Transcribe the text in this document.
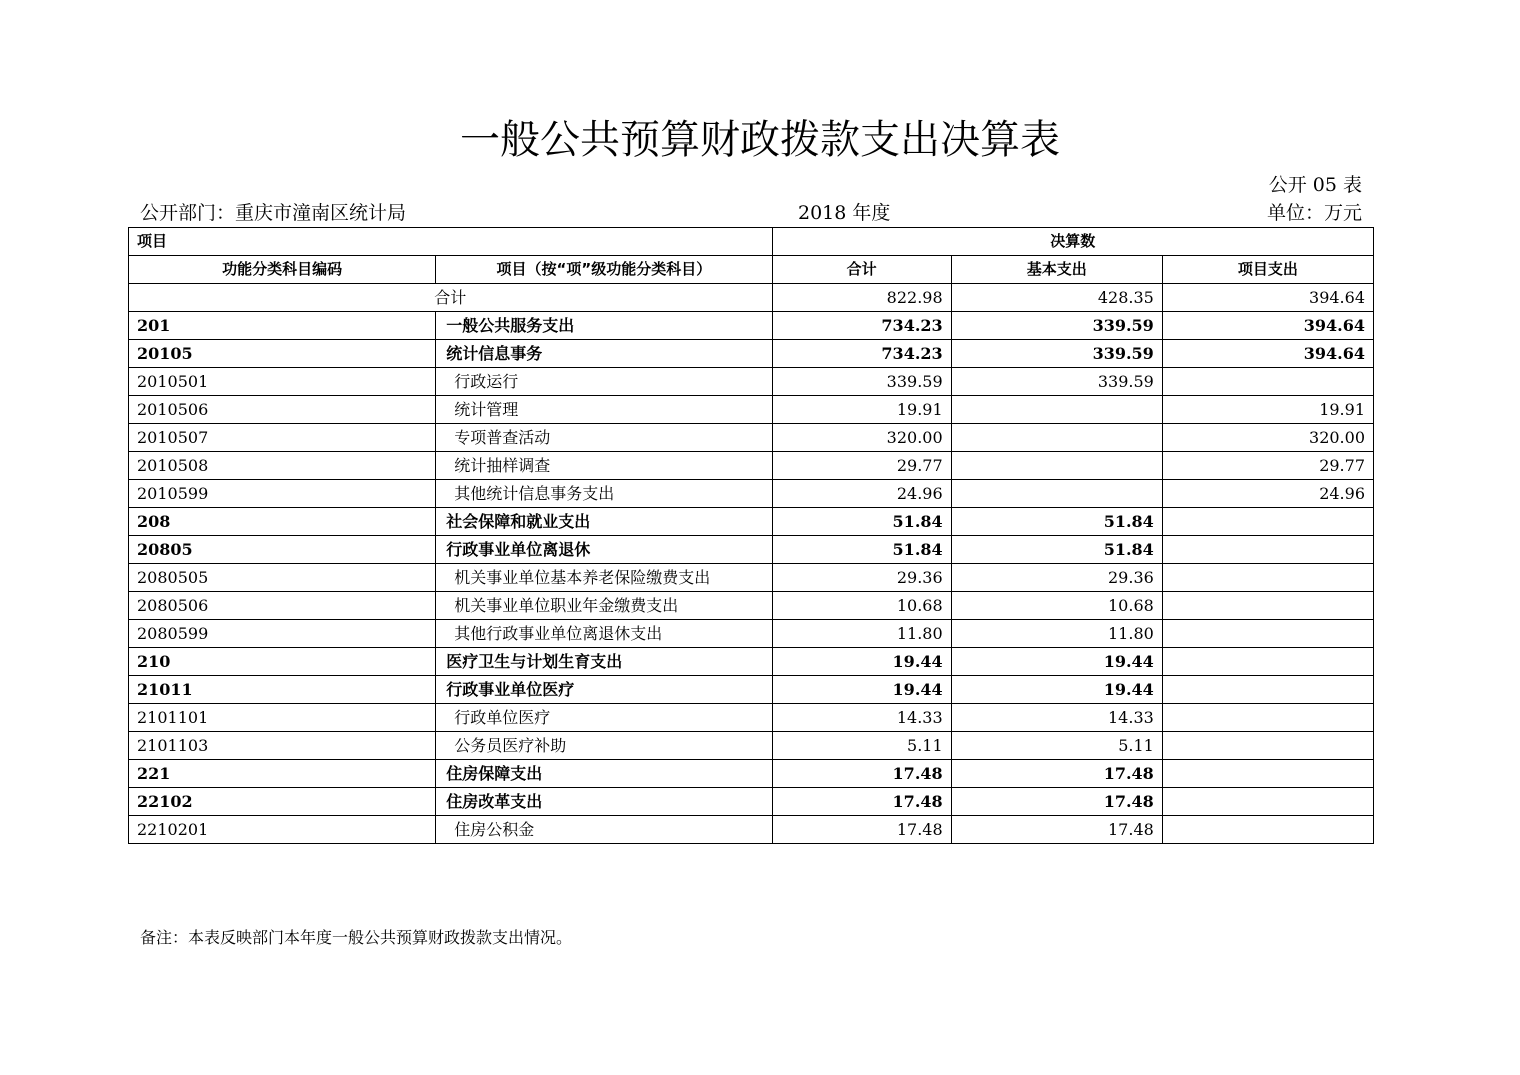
一般公共预算财政拨款支出决算表
公开 05 表
公开部门：重庆市潼南区统计局	2018 年度	单位：万元
项目		决算数		
功能分类科目编码	项目（按“项”级功能分类科目）	合计	基本支出	项目支出
合计		822.98	428.35	394.64
201	一般公共服务支出	734.23	339.59	394.64
20105	统计信息事务	734.23	339.59	394.64
2010501	行政运行	339.59	339.59	
2010506	统计管理	19.91		19.91
2010507	专项普查活动	320.00		320.00
2010508	统计抽样调查	29.77		29.77
2010599	其他统计信息事务支出	24.96		24.96
208	社会保障和就业支出	51.84	51.84	
20805	行政事业单位离退休	51.84	51.84	
2080505	机关事业单位基本养老保险缴费支出	29.36	29.36	
2080506	机关事业单位职业年金缴费支出	10.68	10.68	
2080599	其他行政事业单位离退休支出	11.80	11.80	
210	医疗卫生与计划生育支出	19.44	19.44	
21011	行政事业单位医疗	19.44	19.44	
2101101	行政单位医疗	14.33	14.33	
2101103	公务员医疗补助	5.11	5.11	
221	住房保障支出	17.48	17.48	
22102	住房改革支出	17.48	17.48	
2210201	住房公积金	17.48	17.48	
备注：本表反映部门本年度一般公共预算财政拨款支出情况。
